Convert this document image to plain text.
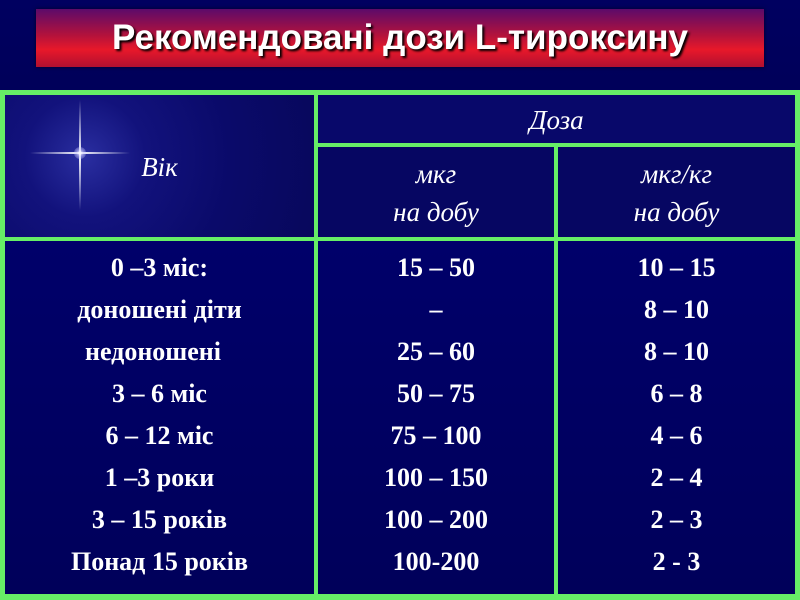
Рекомендовані дози L-тироксину
Вік
Доза
мкг
на добу
мкг/кг
на добу
0 –3 міс:
доношені діти
недоношені
3 – 6 міс
6 – 12 міс
1 –3 роки
3 – 15 років
Понад 15 років
15 – 50
–
25 – 60
50 – 75
75 – 100
100 – 150
100 – 200
100-200
10 – 15
8 – 10
8 – 10
6 – 8
4 – 6
2 – 4
2 – 3
2 - 3
